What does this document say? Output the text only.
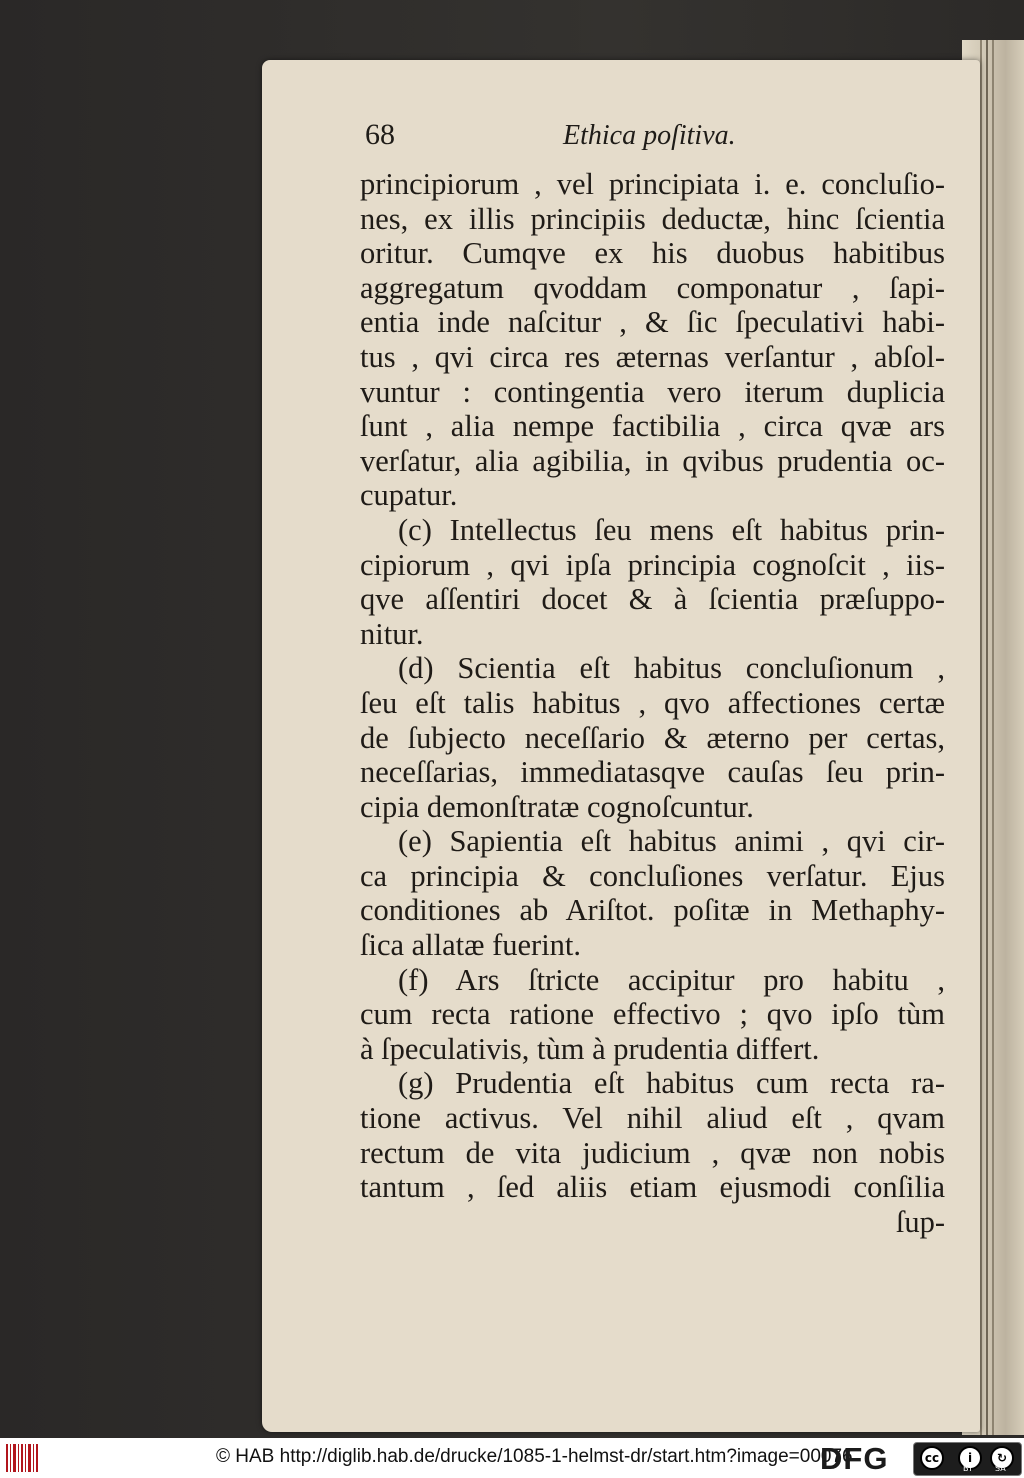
68	Ethica poſitiva.
principiorum , vel principiata i. e. concluſio-
nes, ex illis principiis deductæ, hinc ſcientia
oritur. Cumqve ex his duobus habitibus
aggregatum qvoddam componatur , ſapi-
entia inde naſcitur , & ſic ſpeculativi habi-
tus , qvi circa res æternas verſantur , abſol-
vuntur : contingentia vero iterum duplicia
ſunt , alia nempe factibilia , circa qvæ ars
verſatur, alia agibilia, in qvibus prudentia oc-
cupatur.
(c) Intellectus ſeu mens eſt habitus prin-
cipiorum , qvi ipſa principia cognoſcit , iis-
qve aſſentiri docet & à ſcientia præſuppo-
nitur.
(d) Scientia eſt habitus concluſionum ,
ſeu eſt talis habitus , qvo affectiones certæ
de ſubjecto neceſſario & æterno per certas,
neceſſarias, immediatasqve cauſas ſeu prin-
cipia demonſtratæ cognoſcuntur.
(e) Sapientia eſt habitus animi , qvi cir-
ca principia & concluſiones verſatur. Ejus
conditiones ab Ariſtot. poſitæ in Methaphy-
ſica allatæ fuerint.
(f) Ars ſtricte accipitur pro habitu ,
cum recta ratione effectivo ; qvo ipſo tùm
à ſpeculativis, tùm à prudentia differt.
(g) Prudentia eſt habitus cum recta ra-
tione activus. Vel nihil aliud eſt , qvam
rectum de vita judicium , qvæ non nobis
tantum , ſed aliis etiam ejusmodi conſilia
ſup-
© HAB http://diglib.hab.de/drucke/1085-1-helmst-dr/start.htm?image=00076
DFG	cc	i	↻
BY	SA
